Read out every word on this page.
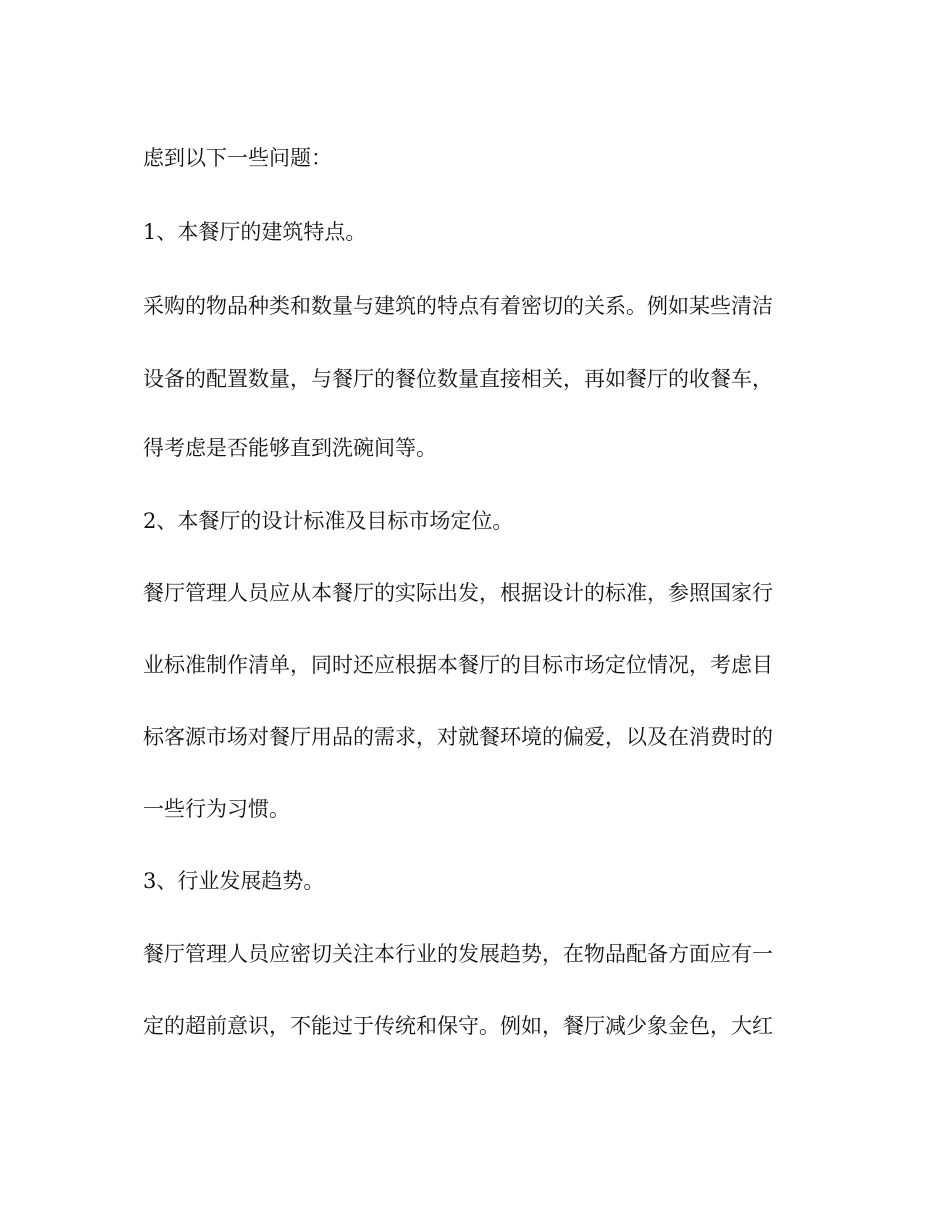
虑到以下一些问题：
1、本餐厅的建筑特点。
采购的物品种类和数量与建筑的特点有着密切的关系。例如某些清洁
设备的配置数量，与餐厅的餐位数量直接相关，再如餐厅的收餐车，
得考虑是否能够直到洗碗间等。
2、本餐厅的设计标准及目标市场定位。
餐厅管理人员应从本餐厅的实际出发，根据设计的标准，参照国家行
业标准制作清单，同时还应根据本餐厅的目标市场定位情况，考虑目
标客源市场对餐厅用品的需求，对就餐环境的偏爱，以及在消费时的
一些行为习惯。
3、行业发展趋势。
餐厅管理人员应密切关注本行业的发展趋势，在物品配备方面应有一
定的超前意识，不能过于传统和保守。例如，餐厅减少象金色，大红
